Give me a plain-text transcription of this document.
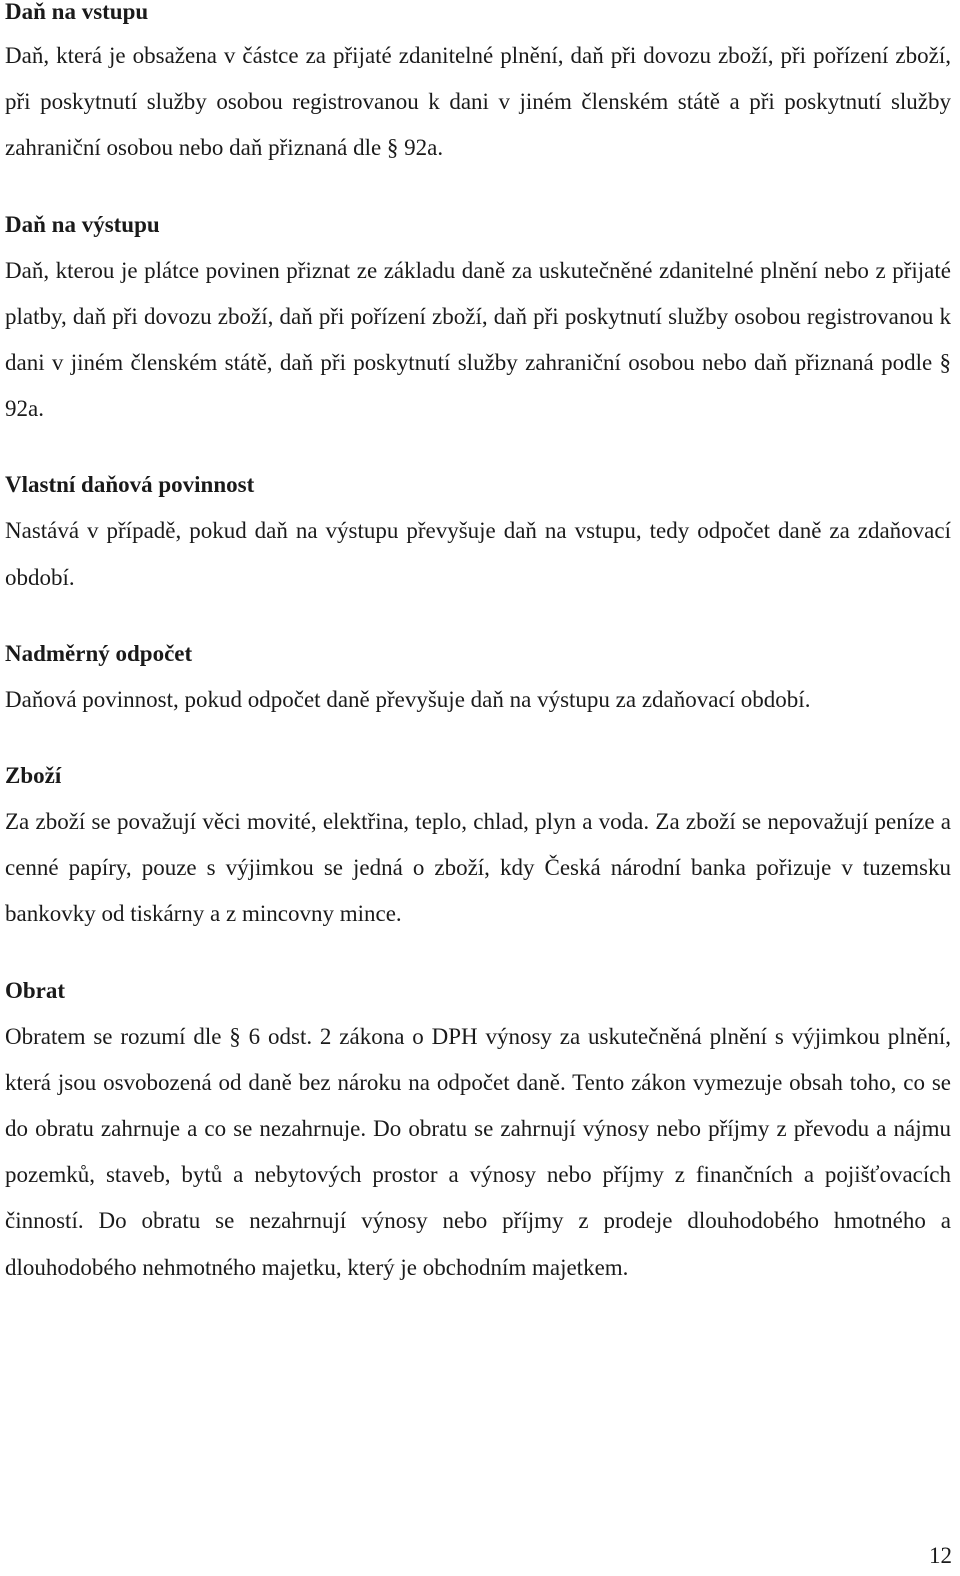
Daň na vstupu

Daň, která je obsažena v částce za přijaté zdanitelné plnění, daň při dovozu zboží, při pořízení zboží, při poskytnutí služby osobou registrovanou k dani v jiném členském státě a při poskytnutí služby zahraniční osobou nebo daň přiznaná dle § 92a.

Daň na výstupu

Daň, kterou je plátce povinen přiznat ze základu daně za uskutečněné zdanitelné plnění nebo z přijaté platby, daň při dovozu zboží, daň při pořízení zboží, daň při poskytnutí služby osobou registrovanou k dani v jiném členském státě, daň při poskytnutí služby zahraniční osobou nebo daň přiznaná podle § 92a.

Vlastní daňová povinnost

Nastává v případě, pokud daň na výstupu převyšuje daň na vstupu, tedy odpočet daně za zdaňovací období.

Nadměrný odpočet

Daňová povinnost, pokud odpočet daně převyšuje daň na výstupu za zdaňovací období.

Zboží

Za zboží se považují věci movité, elektřina, teplo, chlad, plyn a voda. Za zboží se nepovažují peníze a cenné papíry, pouze s výjimkou se jedná o zboží, kdy Česká národní banka pořizuje v tuzemsku bankovky od tiskárny a z mincovny mince.

Obrat

Obratem se rozumí dle § 6 odst. 2 zákona o DPH výnosy za uskutečněná plnění s výjimkou plnění, která jsou osvobozená od daně bez nároku na odpočet daně. Tento zákon vymezuje obsah toho, co se do obratu zahrnuje a co se nezahrnuje. Do obratu se zahrnují výnosy nebo příjmy z převodu a nájmu pozemků, staveb, bytů a nebytových prostor a výnosy nebo příjmy z finančních a pojišťovacích činností. Do obratu se nezahrnují výnosy nebo příjmy z prodeje dlouhodobého hmotného a dlouhodobého nehmotného majetku, který je obchodním majetkem.

12
